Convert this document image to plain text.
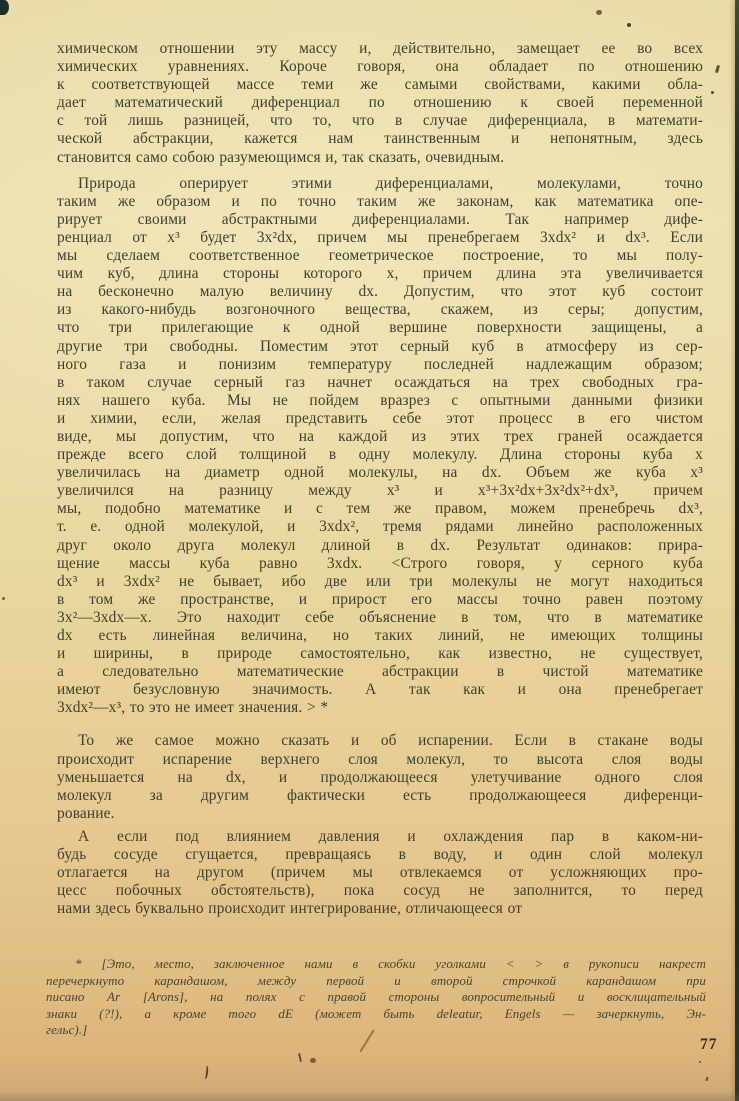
химическом отношении эту массу и, действительно, замещает ее во всех
химических уравнениях. Короче говоря, она обладает по отношению
к соответствующей массе теми же самыми свойствами, какими обла-
дает математический диференциал по отношению к своей переменной
с той лишь разницей, что то, что в случае диференциала, в математи-
ческой абстракции, кажется нам таинственным и непонятным, здесь
становится само собою разумеющимся и, так сказать, очевидным.
Природа оперирует этими диференциалами, молекулами, точно
таким же образом и по точно таким же законам, как математика опе-
рирует своими абстрактными диференциалами. Так например дифе-
ренциал от x³ будет 3x²dx, причем мы пренебрегаем 3xdx² и dx³. Если
мы сделаем соответственное геометрическое построение, то мы полу-
чим куб, длина стороны которого x, причем длина эта увеличивается
на бесконечно малую величину dx. Допустим, что этот куб состоит
из какого-нибудь возгоночного вещества, скажем, из серы; допустим,
что три прилегающие к одной вершине поверхности защищены, а
другие три свободны. Поместим этот серный куб в атмосферу из сер-
ного газа и понизим температуру последней надлежащим образом;
в таком случае серный газ начнет осаждаться на трех свободных гра-
нях нашего куба. Мы не пойдем вразрез с опытными данными физики
и химии, если, желая представить себе этот процесс в его чистом
виде, мы допустим, что на каждой из этих трех граней осаждается
прежде всего слой толщиной в одну молекулу. Длина стороны куба x
увеличилась на диаметр одной молекулы, на dx. Объем же куба x³
увеличился на разницу между x³ и x³+3x²dx+3x²dx²+dx³, причем
мы, подобно математике и с тем же правом, можем пренебречь dx³,
т. е. одной молекулой, и 3xdx², тремя рядами линейно расположенных
друг около друга молекул длиной в dx. Результат одинаков: прира-
щение массы куба равно 3xdx. <Строго говоря, у серного куба
dx³ и 3xdx² не бывает, ибо две или три молекулы не могут находиться
в том же пространстве, и прирост его массы точно равен поэтому
3x²—3xdx—x. Это находит себе объяснение в том, что в математике
dx есть линейная величина, но таких линий, не имеющих толщины
и ширины, в природе самостоятельно, как известно, не существует,
а следовательно математические абстракции в чистой математике
имеют безусловную значимость. А так как и она пренебрегает
3xdx²—x³, то это не имеет значения. > *
То же самое можно сказать и об испарении. Если в стакане воды
происходит испарение верхнего слоя молекул, то высота слоя воды
уменьшается на dx, и продолжающееся улетучивание одного слоя
молекул за другим фактически есть продолжающееся диференци-
рование.
А если под влиянием давления и охлаждения пар в каком-ни-
будь сосуде сгущается, превращаясь в воду, и один слой молекул
отлагается на другом (причем мы отвлекаемся от усложняющих про-
цесс побочных обстоятельств), пока сосуд не заполнится, то перед
нами здесь буквально происходит интегрирование, отличающееся от
* [Это, место, заключенное нами в скобки уголками < > в рукописи накрест
перечеркнуто карандашом, между первой и второй строчкой карандашом при
писано Ar [Arons], на полях с правой стороны вопросительный и восклицательный
знаки (?!), а кроме того dE (может быть deleatur, Engels — зачеркнуть, Эн-
гельс).]
77
